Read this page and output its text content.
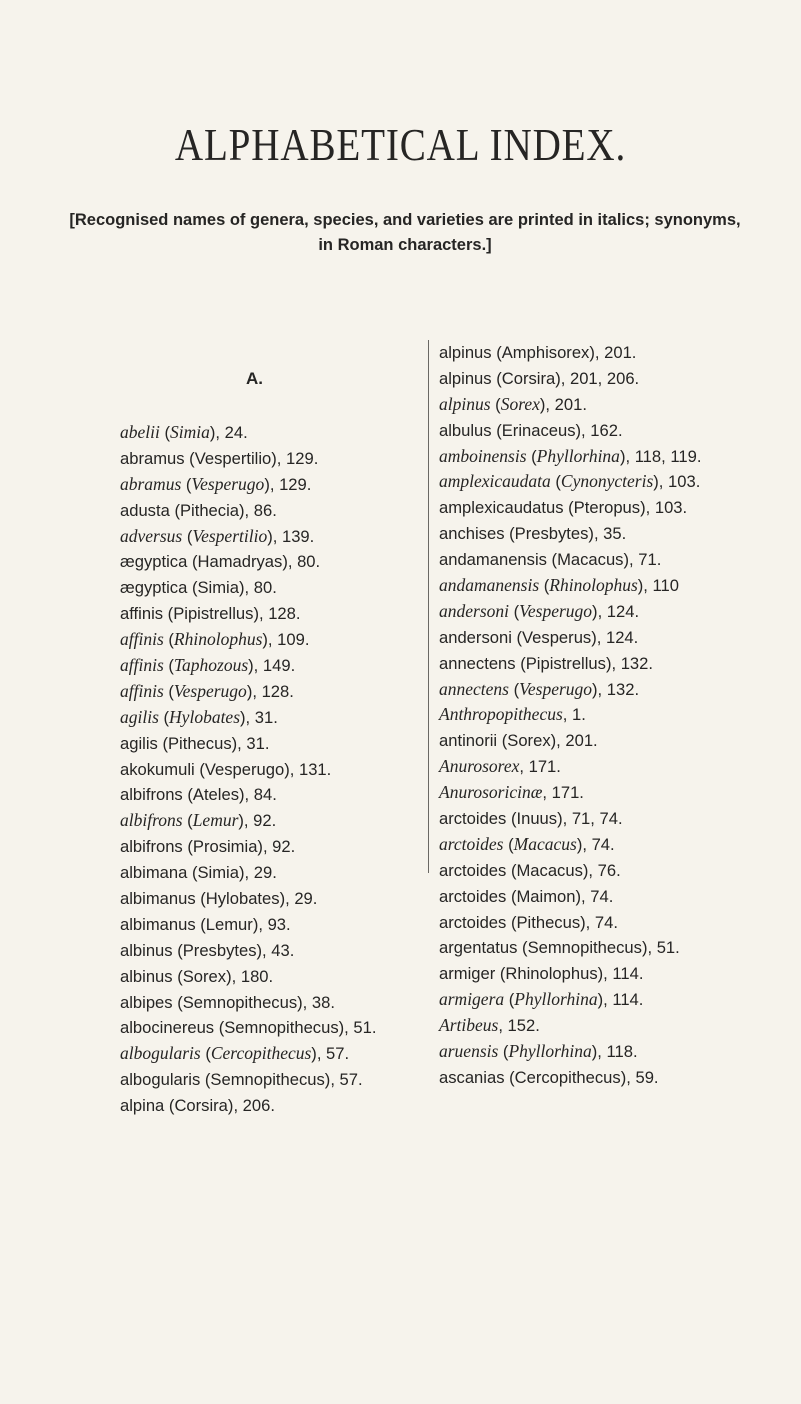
ALPHABETICAL INDEX.

[Recognised names of genera, species, and varieties are printed in italics; synonyms, in Roman characters.]

A.
abelii (Simia), 24.
abramus (Vespertilio), 129.
abramus (Vesperugo), 129.
adusta (Pithecia), 86.
adversus (Vespertilio), 139.
ægyptica (Hamadryas), 80.
ægyptica (Simia), 80.
affinis (Pipistrellus), 128.
affinis (Rhinolophus), 109.
affinis (Taphozous), 149.
affinis (Vesperugo), 128.
agilis (Hylobates), 31.
agilis (Pithecus), 31.
akokumuli (Vesperugo), 131.
albifrons (Ateles), 84.
albifrons (Lemur), 92.
albifrons (Prosimia), 92.
albimana (Simia), 29.
albimanus (Hylobates), 29.
albimanus (Lemur), 93.
albinus (Presbytes), 43.
albinus (Sorex), 180.
albipes (Semnopithecus), 38.
albocinereus (Semnopithecus), 51.
albogularis (Cercopithecus), 57.
albogularis (Semnopithecus), 57.
alpina (Corsira), 206.
alpinus (Amphisorex), 201.
alpinus (Corsira), 201, 206.
alpinus (Sorex), 201.
albulus (Erinaceus), 162.
amboinensis (Phyllorhina), 118, 119.
amplexicaudata (Cynonycteris), 103.
amplexicaudatus (Pteropus), 103.
anchises (Presbytes), 35.
andamanensis (Macacus), 71.
andamanensis (Rhinolophus), 110
andersoni (Vesperugo), 124.
andersoni (Vesperus), 124.
annectens (Pipistrellus), 132.
annectens (Vesperugo), 132.
Anthropopithecus, 1.
antinorii (Sorex), 201.
Anurosorex, 171.
Anurosoricinæ, 171.
arctoides (Inuus), 71, 74.
arctoides (Macacus), 74.
arctoides (Macacus), 76.
arctoides (Maimon), 74.
arctoides (Pithecus), 74.
argentatus (Semnopithecus), 51.
armiger (Rhinolophus), 114.
armigera (Phyllorhina), 114.
Artibeus, 152.
aruensis (Phyllorhina), 118.
ascanias (Cercopithecus), 59.
